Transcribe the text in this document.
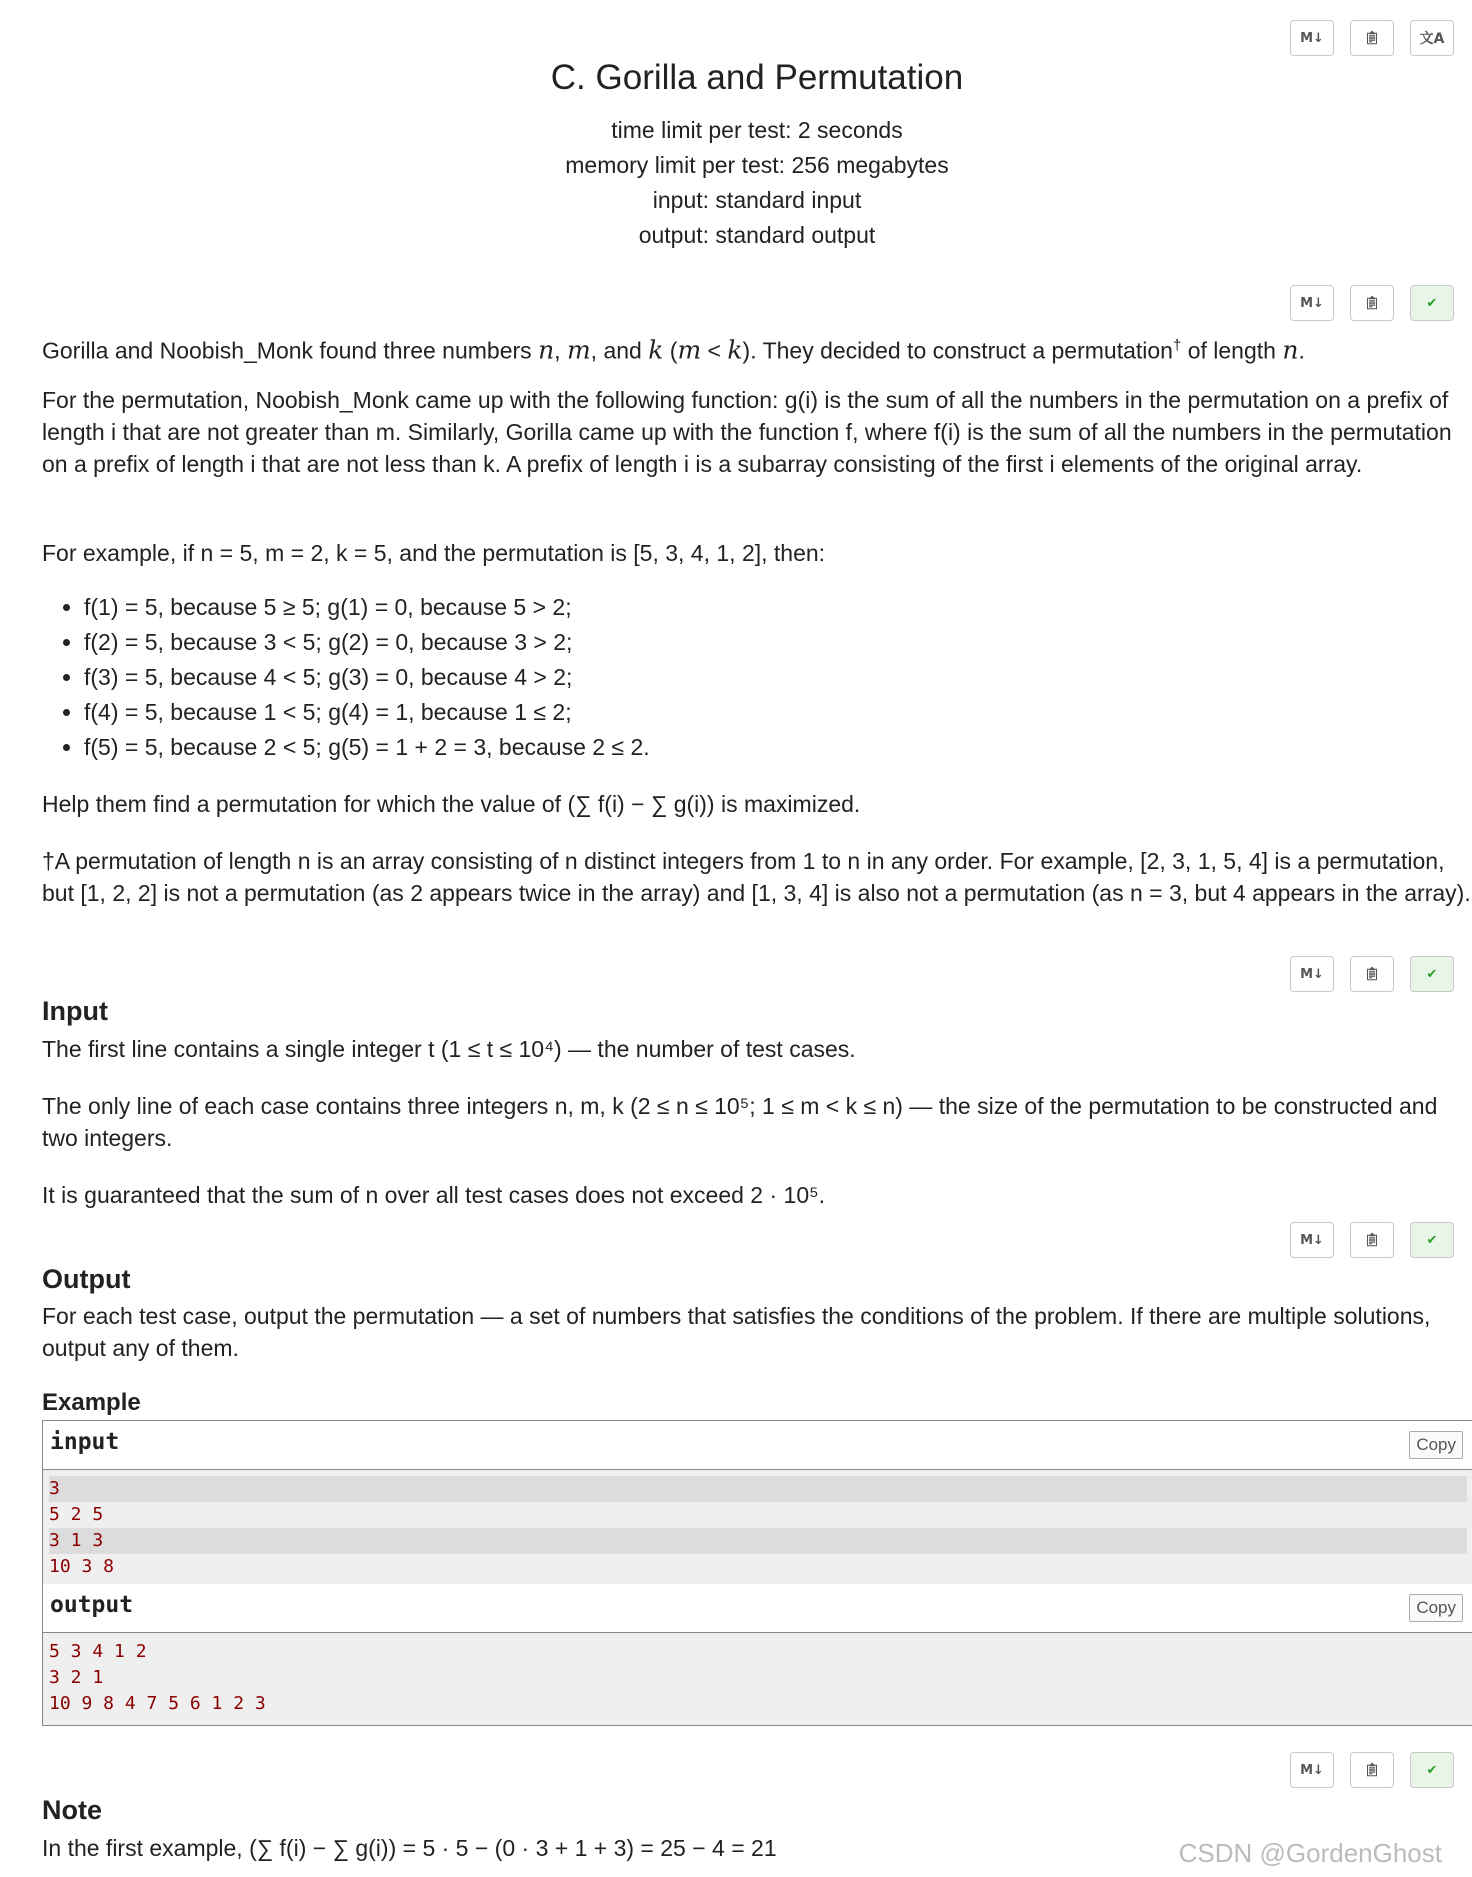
M↓	📋︎	文A
C. Gorilla and Permutation
time limit per test: 2 seconds
memory limit per test: 256 megabytes
input: standard input
output: standard output
M↓	📋︎	✔

Gorilla and Noobish_Monk found three numbers n, m, and k (m < k). They decided to construct a permutation† of length n.

For the permutation, Noobish_Monk came up with the following function: g(i) is the sum of all the numbers in the permutation on a prefix of length i that are not greater than m. Similarly, Gorilla came up with the function f, where f(i) is the sum of all the numbers in the permutation on a prefix of length i that are not less than k. A prefix of length i is a subarray consisting of the first i elements of the original array.

For example, if n = 5, m = 2, k = 5, and the permutation is [5, 3, 4, 1, 2], then:

• f(1) = 5, because 5 ≥ 5; g(1) = 0, because 5 > 2;
• f(2) = 5, because 3 < 5; g(2) = 0, because 3 > 2;
• f(3) = 5, because 4 < 5; g(3) = 0, because 4 > 2;
• f(4) = 5, because 1 < 5; g(4) = 1, because 1 ≤ 2;
• f(5) = 5, because 2 < 5; g(5) = 1 + 2 = 3, because 2 ≤ 2.

Help them find a permutation for which the value of (∑ f(i) − ∑ g(i)) is maximized.

†A permutation of length n is an array consisting of n distinct integers from 1 to n in any order. For example, [2, 3, 1, 5, 4] is a permutation, but [1, 2, 2] is not a permutation (as 2 appears twice in the array) and [1, 3, 4] is also not a permutation (as n = 3, but 4 appears in the array).

M↓	📋︎	✔
Input

The first line contains a single integer t (1 ≤ t ≤ 10⁴) — the number of test cases.

The only line of each case contains three integers n, m, k (2 ≤ n ≤ 10⁵; 1 ≤ m < k ≤ n) — the size of the permutation to be constructed and two integers.

It is guaranteed that the sum of n over all test cases does not exceed 2 · 10⁵.

M↓	📋︎	✔
Output

For each test case, output the permutation — a set of numbers that satisfies the conditions of the problem. If there are multiple solutions, output any of them.

Example
input	Copy
3
5 2 5
3 1 3
10 3 8
output	Copy
5 3 4 1 2
3 2 1
10 9 8 4 7 5 6 1 2 3
M↓	📋︎	✔
Note

In the first example, (∑ f(i) − ∑ g(i)) = 5 · 5 − (0 · 3 + 1 + 3) = 25 − 4 = 21	CSDN @GordenGhost
